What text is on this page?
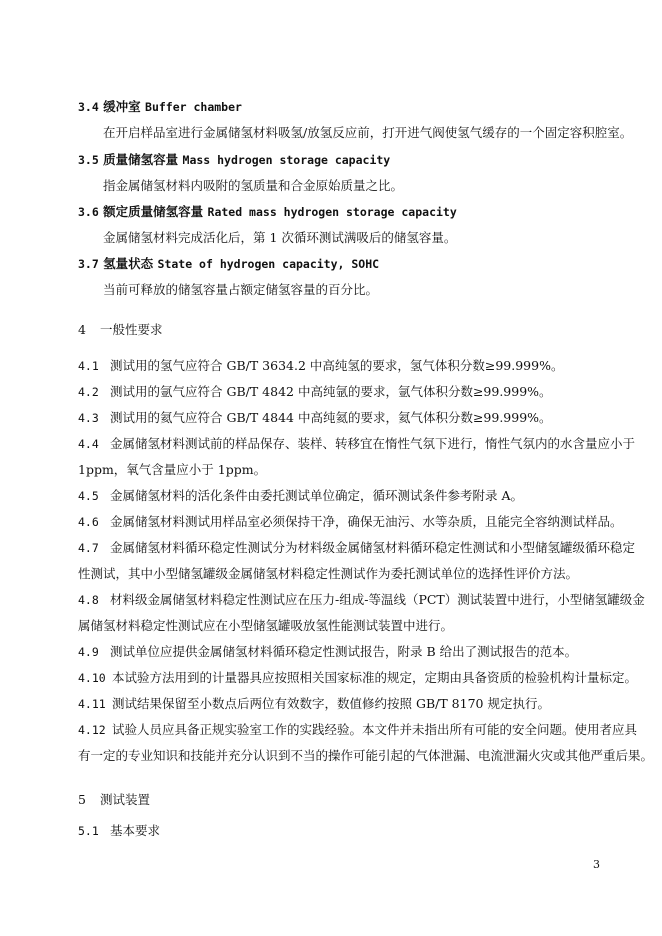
3.4 缓冲室 Buffer chamber
在开启样品室进行金属储氢材料吸氢/放氢反应前，打开进气阀使氢气缓存的一个固定容积腔室。
3.5 质量储氢容量 Mass hydrogen storage capacity
指金属储氢材料内吸附的氢质量和合金原始质量之比。
3.6 额定质量储氢容量 Rated mass hydrogen storage capacity
金属储氢材料完成活化后，第 1 次循环测试满吸后的储氢容量。
3.7 氢量状态 State of hydrogen capacity, SOHC
当前可释放的储氢容量占额定储氢容量的百分比。
4 一般性要求
4.1 测试用的氢气应符合 GB/T 3634.2 中高纯氢的要求，氢气体积分数≥99.999%。
4.2 测试用的氩气应符合 GB/T 4842 中高纯氩的要求，氩气体积分数≥99.999%。
4.3 测试用的氦气应符合 GB/T 4844 中高纯氦的要求，氦气体积分数≥99.999%。
4.4 金属储氢材料测试前的样品保存、装样、转移宜在惰性气氛下进行，惰性气氛内的水含量应小于
1ppm，氧气含量应小于 1ppm。
4.5 金属储氢材料的活化条件由委托测试单位确定，循环测试条件参考附录 A。
4.6 金属储氢材料测试用样品室必须保持干净，确保无油污、水等杂质，且能完全容纳测试样品。
4.7 金属储氢材料循环稳定性测试分为材料级金属储氢材料循环稳定性测试和小型储氢罐级循环稳定
性测试，其中小型储氢罐级金属储氢材料稳定性测试作为委托测试单位的选择性评价方法。
4.8 材料级金属储氢材料稳定性测试应在压力-组成-等温线（PCT）测试装置中进行，小型储氢罐级金
属储氢材料稳定性测试应在小型储氢罐吸放氢性能测试装置中进行。
4.9 测试单位应提供金属储氢材料循环稳定性测试报告，附录 B 给出了测试报告的范本。
4.10 本试验方法用到的计量器具应按照相关国家标准的规定，定期由具备资质的检验机构计量标定。
4.11 测试结果保留至小数点后两位有效数字，数值修约按照 GB/T 8170 规定执行。
4.12 试验人员应具备正规实验室工作的实践经验。本文件并未指出所有可能的安全问题。使用者应具
有一定的专业知识和技能并充分认识到不当的操作可能引起的气体泄漏、电流泄漏火灾或其他严重后果。
5 测试装置
5.1 基本要求
3
